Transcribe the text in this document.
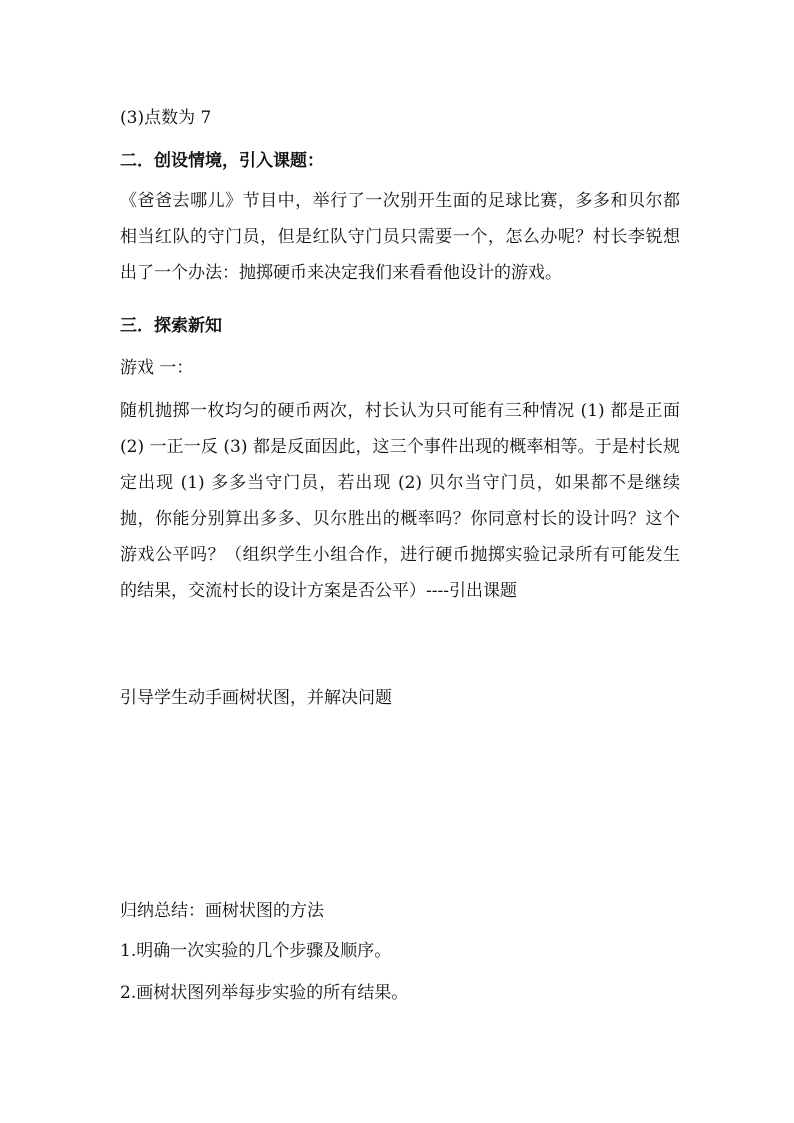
(3)点数为 7
二．创设情境，引入课题：
《爸爸去哪儿》节目中，举行了一次别开生面的足球比赛，多多和贝尔都相当红队的守门员，但是红队守门员只需要一个，怎么办呢？村长李锐想出了一个办法：抛掷硬币来决定我们来看看他设计的游戏。
三．探索新知
游戏 一：
随机抛掷一枚均匀的硬币两次，村长认为只可能有三种情况 (1) 都是正面　 (2) 一正一反 (3) 都是反面因此，这三个事件出现的概率相等。于是村长规定出现 (1) 多多当守门员，若出现 (2) 贝尔当守门员，如果都不是继续抛，你能分别算出多多、贝尔胜出的概率吗？你同意村长的设计吗？这个游戏公平吗？（组织学生小组合作，进行硬币抛掷实验记录所有可能发生的结果，交流村长的设计方案是否公平）----引出课题
引导学生动手画树状图，并解决问题
归纳总结：画树状图的方法
1.明确一次实验的几个步骤及顺序。
2.画树状图列举每步实验的所有结果。
